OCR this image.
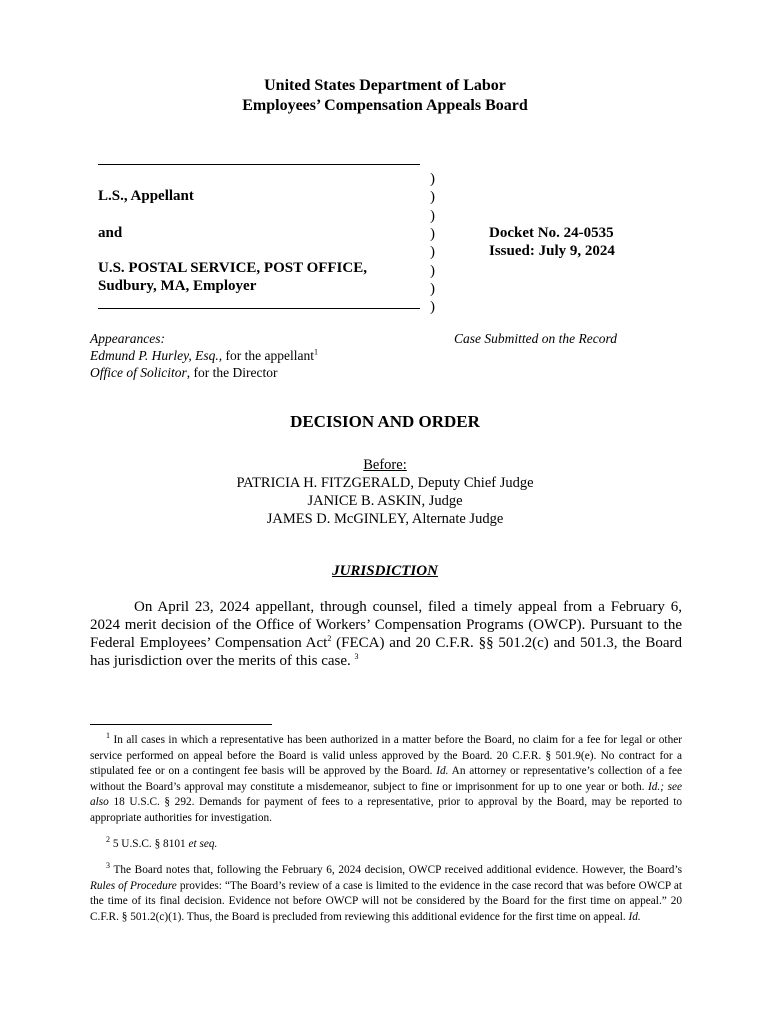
United States Department of Labor
Employees’ Compensation Appeals Board
)
)
)
)
)
)
)
)
L.S., Appellant
and
U.S. POSTAL SERVICE, POST OFFICE,
Sudbury, MA, Employer
Docket No. 24-0535
Issued: July 9, 2024
Appearances:
Edmund P. Hurley, Esq., for the appellant$^1$
Office of Solicitor, for the Director
Case Submitted on the Record
DECISION AND ORDER
Before:
PATRICIA H. FITZGERALD, Deputy Chief Judge
JANICE B. ASKIN, Judge
JAMES D. McGINLEY, Alternate Judge
JURISDICTION
On April 23, 2024 appellant, through counsel, filed a timely appeal from a February 6, 2024 merit decision of the Office of Workers’ Compensation Programs (OWCP). Pursuant to the Federal Employees’ Compensation Act$^2$ (FECA) and 20 C.F.R. §§ 501.2(c) and 501.3, the Board has jurisdiction over the merits of this case. $^3$
$^1$ In all cases in which a representative has been authorized in a matter before the Board, no claim for a fee for legal or other service performed on appeal before the Board is valid unless approved by the Board. 20 C.F.R. § 501.9(e). No contract for a stipulated fee or on a contingent fee basis will be approved by the Board. Id. An attorney or representative’s collection of a fee without the Board’s approval may constitute a misdemeanor, subject to fine or imprisonment for up to one year or both. Id.; see also 18 U.S.C. § 292. Demands for payment of fees to a representative, prior to approval by the Board, may be reported to appropriate authorities for investigation.
$^2$ 5 U.S.C. § 8101 et seq.
$^3$ The Board notes that, following the February 6, 2024 decision, OWCP received additional evidence. However, the Board’s Rules of Procedure provides: “The Board’s review of a case is limited to the evidence in the case record that was before OWCP at the time of its final decision. Evidence not before OWCP will not be considered by the Board for the first time on appeal.” 20 C.F.R. § 501.2(c)(1). Thus, the Board is precluded from reviewing this additional evidence for the first time on appeal. Id.
